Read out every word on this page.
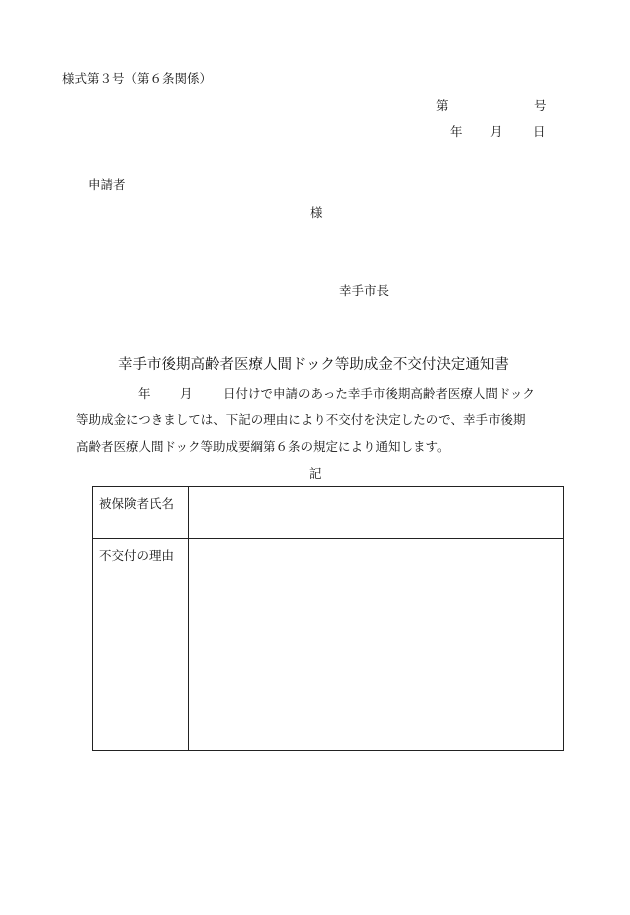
様式第３号（第６条関係）
第	号
年 月 日
申請者
様
幸手市長
幸手市後期高齢者医療人間ドック等助成金不交付決定通知書
年 月 日付けで申請のあった幸手市後期高齢者医療人間ドック
等助成金につきましては、下記の理由により不交付を決定したので、幸手市後期
高齢者医療人間ドック等助成要綱第６条の規定により通知します。
記
被保険者氏名	
不交付の理由	
